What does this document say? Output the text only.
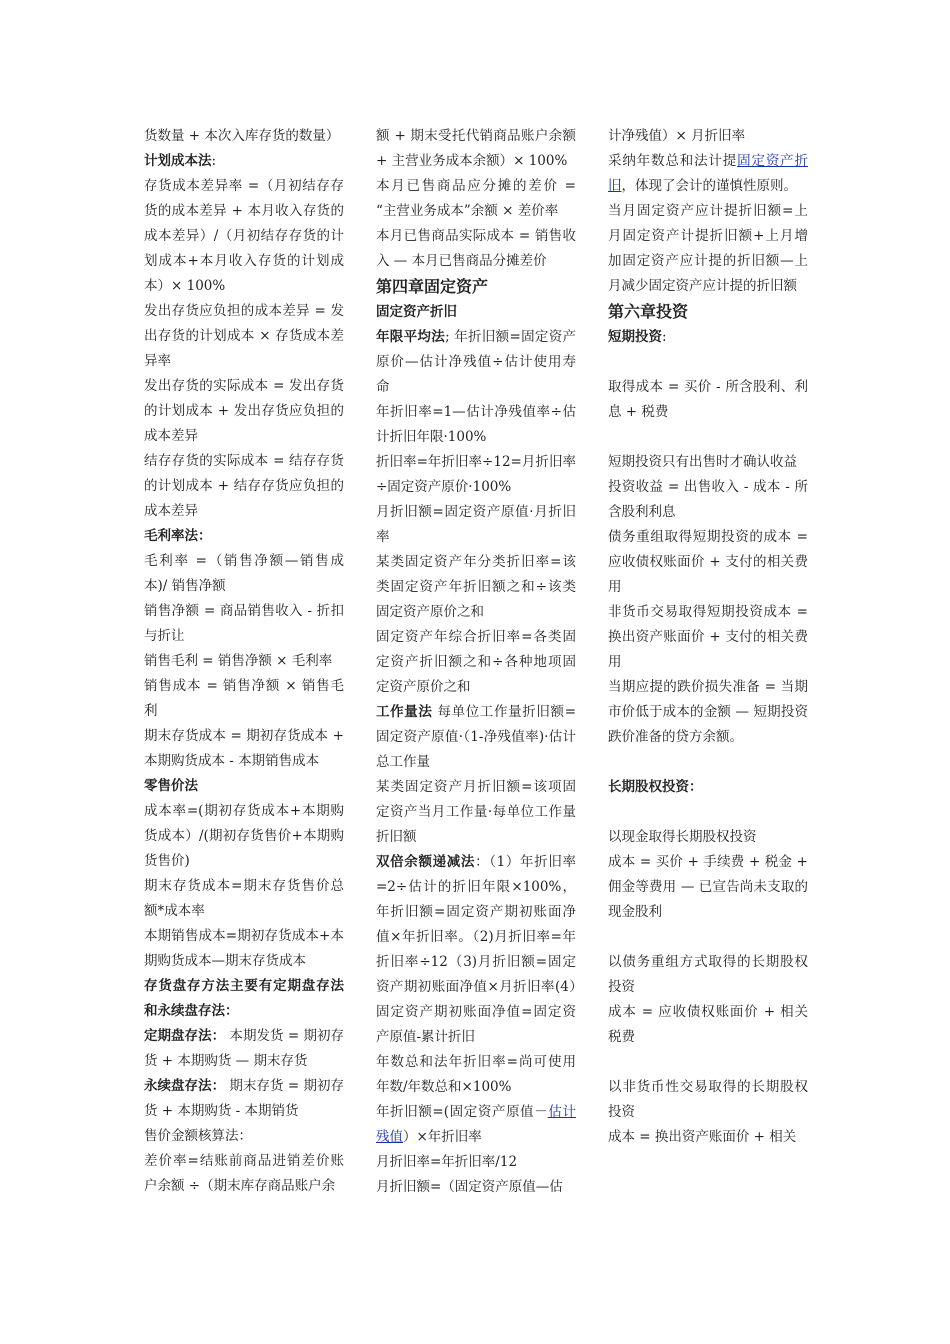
货数量 + 本次入库存货的数量）

计划成本法:

存货成本差异率 =（月初结存存货的成本差异 + 本月收入存货的成本差异）/（月初结存存货的计划成本+本月收入存货的计划成本）× 100%

发出存货应负担的成本差异 = 发出存货的计划成本 × 存货成本差异率

发出存货的实际成本 = 发出存货的计划成本 + 发出存货应负担的成本差异

结存存货的实际成本 = 结存存货的计划成本 + 结存存货应负担的成本差异

毛利率法：

毛利率 =（销售净额—销售成本)/ 销售净额

销售净额 = 商品销售收入 - 折扣与折让

销售毛利 = 销售净额 × 毛利率

销售成本 = 销售净额 × 销售毛利

期末存货成本 = 期初存货成本 + 本期购货成本 - 本期销售成本

零售价法

成本率=(期初存货成本+本期购货成本）/(期初存货售价+本期购货售价)

期末存货成本=期末存货售价总额*成本率

本期销售成本=期初存货成本+本期购货成本—期末存货成本

存货盘存方法主要有定期盘存法和永续盘存法：

定期盘存法： 本期发货 = 期初存货 + 本期购货 — 期末存货

永续盘存法： 期末存货 = 期初存货 + 本期购货 - 本期销货

售价金额核算法：

差价率=结账前商品进销差价账户余额 ÷（期末库存商品账户余

额 + 期末受托代销商品账户余额 + 主营业务成本余额）× 100%

本月已售商品应分摊的差价 = “主营业务成本”余额 × 差价率

本月已售商品实际成本 = 销售收入 — 本月已售商品分摊差价

第四章固定资产

固定资产折旧

年限平均法; 年折旧额=固定资产原价—估计净残值÷估计使用寿命

年折旧率=1—估计净残值率÷估计折旧年限·100%

折旧率=年折旧率÷12=月折旧率÷固定资产原价·100%

月折旧额=固定资产原值·月折旧率

某类固定资产年分类折旧率=该类固定资产年折旧额之和÷该类固定资产原价之和

固定资产年综合折旧率=各类固定资产折旧额之和÷各种地项固定资产原价之和

工作量法 每单位工作量折旧额=固定资产原值·（1-净残值率)·估计总工作量

某类固定资产月折旧额=该项固定资产当月工作量·每单位工作量折旧额

双倍余额递减法：（1）年折旧率=2÷估计的折旧年限×100%，年折旧额=固定资产期初账面净值×年折旧率。（2)月折旧率=年折旧率÷12（3)月折旧额=固定资产期初账面净值×月折旧率(4）固定资产期初账面净值=固定资产原值-累计折旧

年数总和法年折旧率=尚可使用年数/年数总和×100%

年折旧额=(固定资产原值－估计残值）×年折旧率

月折旧率=年折旧率/12

月折旧额=（固定资产原值—估

计净残值）× 月折旧率

采纳年数总和法计提固定资产折旧，体现了会计的谨慎性原则。

当月固定资产应计提折旧额=上月固定资产计提折旧额+上月增加固定资产应计提的折旧额—上月减少固定资产应计提的折旧额

第六章投资

短期投资:

取得成本 = 买价 - 所含股利、利息 + 税费

短期投资只有出售时才确认收益

投资收益 = 出售收入 - 成本 - 所含股利利息

债务重组取得短期投资的成本 = 应收债权账面价 + 支付的相关费用

非货币交易取得短期投资成本 = 换出资产账面价 + 支付的相关费用

当期应提的跌价损失准备 = 当期市价低于成本的金额 — 短期投资跌价准备的贷方余额。

长期股权投资：

以现金取得长期股权投资

成本 = 买价 + 手续费 + 税金 + 佣金等费用 — 已宣告尚未支取的现金股利

以债务重组方式取得的长期股权投资

成本 = 应收债权账面价 + 相关税费

以非货币性交易取得的长期股权投资

成本 = 换出资产账面价 + 相关
